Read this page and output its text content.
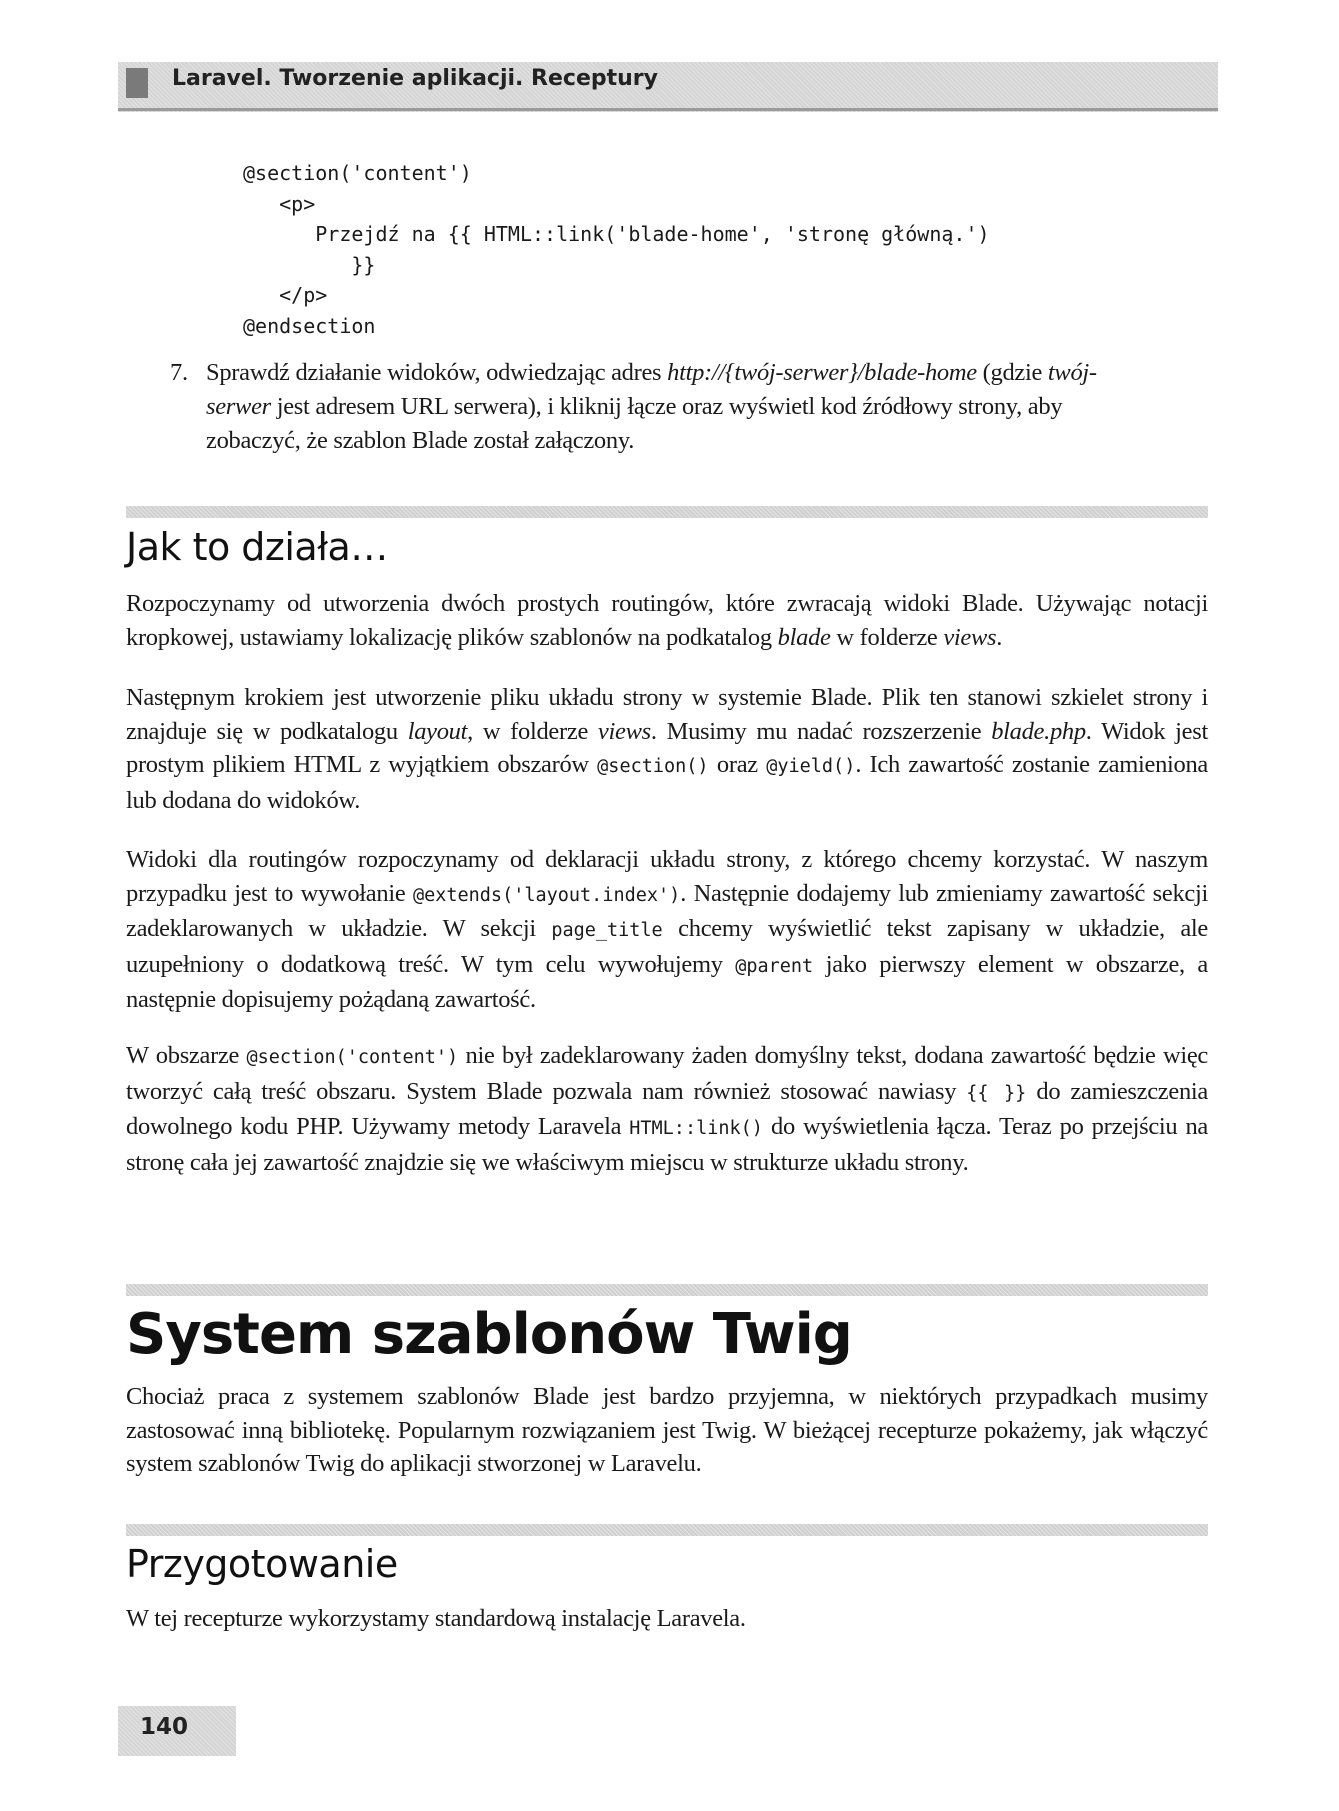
Laravel. Tworzenie aplikacji. Receptury
@section('content')
<p>
Przejdź na {{ HTML::link('blade-home', 'stronę główną.')
}}
</p>
@endsection
7. Sprawdź działanie widoków, odwiedzając adres http://{twój-serwer}/blade-home (gdzie twój-serwer jest adresem URL serwera), i kliknij łącze oraz wyświetl kod źródłowy strony, aby zobaczyć, że szablon Blade został załączony.
Jak to działa…

Rozpoczynamy od utworzenia dwóch prostych routingów, które zwracają widoki Blade. Używając notacji kropkowej, ustawiamy lokalizację plików szablonów na podkatalog blade w folderze views.

Następnym krokiem jest utworzenie pliku układu strony w systemie Blade. Plik ten stanowi szkielet strony i znajduje się w podkatalogu layout, w folderze views. Musimy mu nadać rozszerzenie blade.php. Widok jest prostym plikiem HTML z wyjątkiem obszarów @section() oraz @yield(). Ich zawartość zostanie zamieniona lub dodana do widoków.

Widoki dla routingów rozpoczynamy od deklaracji układu strony, z którego chcemy korzystać. W naszym przypadku jest to wywołanie @extends('layout.index'). Następnie dodajemy lub zmieniamy zawartość sekcji zadeklarowanych w układzie. W sekcji page_title chcemy wyświetlić tekst zapisany w układzie, ale uzupełniony o dodatkową treść. W tym celu wywołujemy @parent jako pierwszy element w obszarze, a następnie dopisujemy pożądaną zawartość.

W obszarze @section('content') nie był zadeklarowany żaden domyślny tekst, dodana zawartość będzie więc tworzyć całą treść obszaru. System Blade pozwala nam również stosować nawiasy {{ }} do zamieszczenia dowolnego kodu PHP. Używamy metody Laravela HTML::link() do wyświetlenia łącza. Teraz po przejściu na stronę cała jej zawartość znajdzie się we właściwym miejscu w strukturze układu strony.

System szablonów Twig

Chociaż praca z systemem szablonów Blade jest bardzo przyjemna, w niektórych przypadkach musimy zastosować inną bibliotekę. Popularnym rozwiązaniem jest Twig. W bieżącej recepturze pokażemy, jak włączyć system szablonów Twig do aplikacji stworzonej w Laravelu.

Przygotowanie

W tej recepturze wykorzystamy standardową instalację Laravela.

140
